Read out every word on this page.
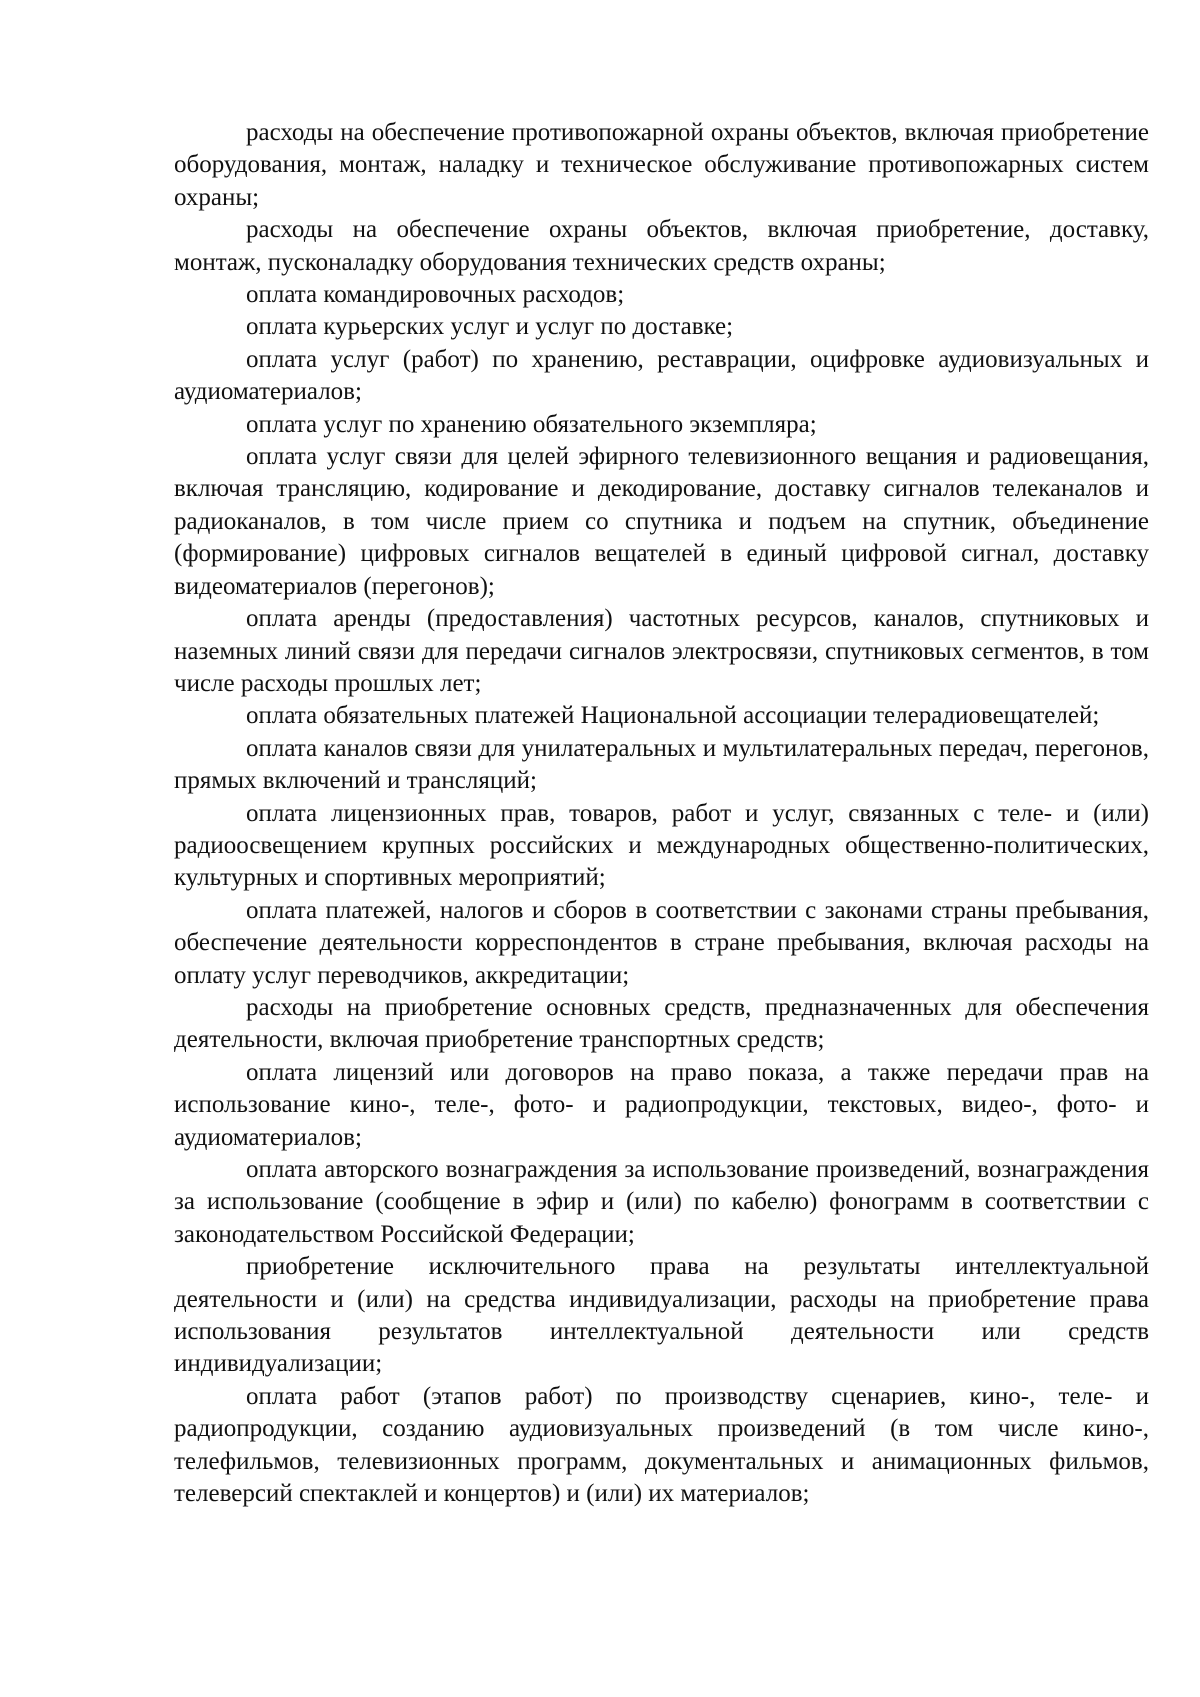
расходы на обеспечение противопожарной охраны объектов, включая приобретение оборудования, монтаж, наладку и техническое обслуживание противопожарных систем охраны;

расходы на обеспечение охраны объектов, включая приобретение, доставку, монтаж, пусконаладку оборудования технических средств охраны;

оплата командировочных расходов;

оплата курьерских услуг и услуг по доставке;

оплата услуг (работ) по хранению, реставрации, оцифровке аудиовизуальных и аудиоматериалов;

оплата услуг по хранению обязательного экземпляра;

оплата услуг связи для целей эфирного телевизионного вещания и радиовещания, включая трансляцию, кодирование и декодирование, доставку сигналов телеканалов и радиоканалов, в том числе прием со спутника и подъем на спутник, объединение (формирование) цифровых сигналов вещателей в единый цифровой сигнал, доставку видеоматериалов (перегонов);

оплата аренды (предоставления) частотных ресурсов, каналов, спутниковых и наземных линий связи для передачи сигналов электросвязи, спутниковых сегментов, в том числе расходы прошлых лет;

оплата обязательных платежей Национальной ассоциации телерадиовещателей;

оплата каналов связи для унилатеральных и мультилатеральных передач, перегонов, прямых включений и трансляций;

оплата лицензионных прав, товаров, работ и услуг, связанных с теле- и (или) радиоосвещением крупных российских и международных общественно-политических, культурных и спортивных мероприятий;

оплата платежей, налогов и сборов в соответствии с законами страны пребывания, обеспечение деятельности корреспондентов в стране пребывания, включая расходы на оплату услуг переводчиков, аккредитации;

расходы на приобретение основных средств, предназначенных для обеспечения деятельности, включая приобретение транспортных средств;

оплата лицензий или договоров на право показа, а также передачи прав на использование кино-, теле-, фото- и радиопродукции, текстовых, видео-, фото- и аудиоматериалов;

оплата авторского вознаграждения за использование произведений, вознаграждения за использование (сообщение в эфир и (или) по кабелю) фонограмм в соответствии с законодательством Российской Федерации;

приобретение исключительного права на результаты интеллектуальной деятельности и (или) на средства индивидуализации, расходы на приобретение права использования результатов интеллектуальной деятельности или средств индивидуализации;

оплата работ (этапов работ) по производству сценариев, кино-, теле- и радиопродукции, созданию аудиовизуальных произведений (в том числе кино-, телефильмов, телевизионных программ, документальных и анимационных фильмов, телеверсий спектаклей и концертов) и (или) их материалов;
